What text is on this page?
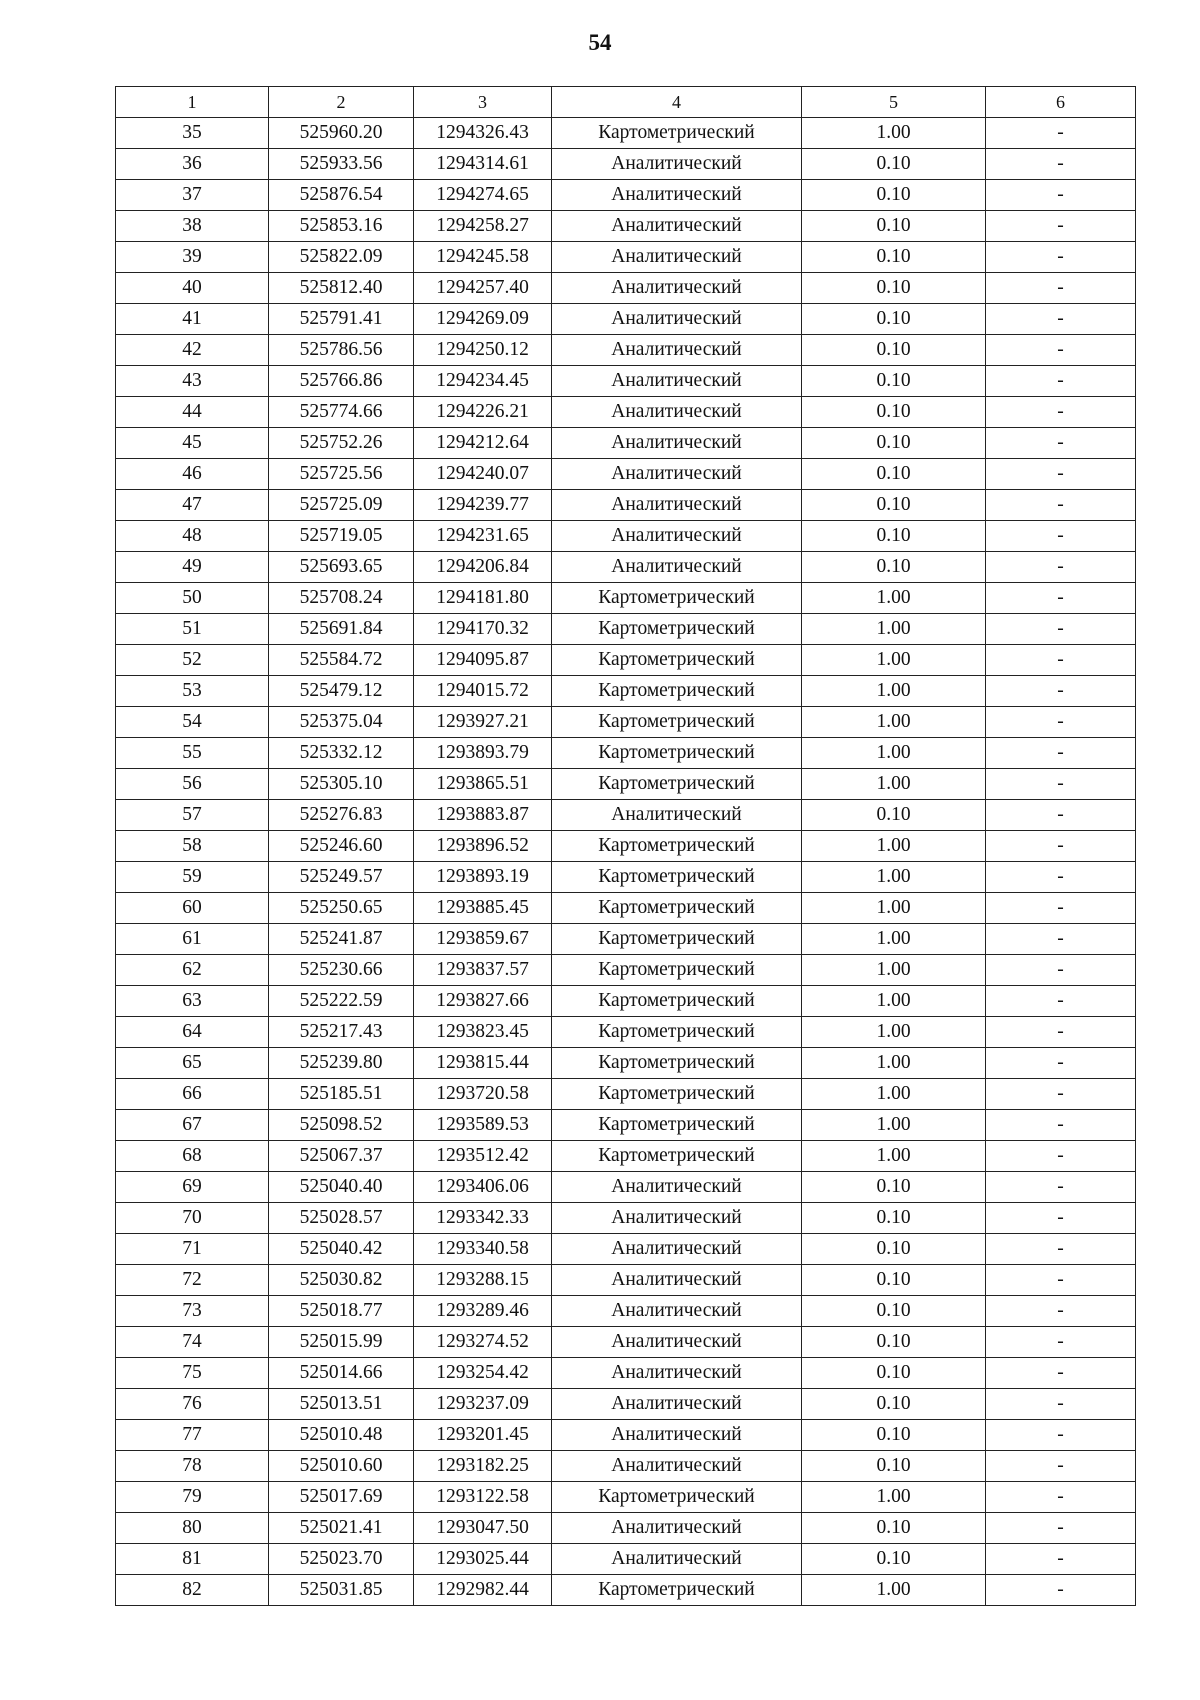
54
1	2	3	4	5	6
35	525960.20	1294326.43	Картометрический	1.00	-
36	525933.56	1294314.61	Аналитический	0.10	-
37	525876.54	1294274.65	Аналитический	0.10	-
38	525853.16	1294258.27	Аналитический	0.10	-
39	525822.09	1294245.58	Аналитический	0.10	-
40	525812.40	1294257.40	Аналитический	0.10	-
41	525791.41	1294269.09	Аналитический	0.10	-
42	525786.56	1294250.12	Аналитический	0.10	-
43	525766.86	1294234.45	Аналитический	0.10	-
44	525774.66	1294226.21	Аналитический	0.10	-
45	525752.26	1294212.64	Аналитический	0.10	-
46	525725.56	1294240.07	Аналитический	0.10	-
47	525725.09	1294239.77	Аналитический	0.10	-
48	525719.05	1294231.65	Аналитический	0.10	-
49	525693.65	1294206.84	Аналитический	0.10	-
50	525708.24	1294181.80	Картометрический	1.00	-
51	525691.84	1294170.32	Картометрический	1.00	-
52	525584.72	1294095.87	Картометрический	1.00	-
53	525479.12	1294015.72	Картометрический	1.00	-
54	525375.04	1293927.21	Картометрический	1.00	-
55	525332.12	1293893.79	Картометрический	1.00	-
56	525305.10	1293865.51	Картометрический	1.00	-
57	525276.83	1293883.87	Аналитический	0.10	-
58	525246.60	1293896.52	Картометрический	1.00	-
59	525249.57	1293893.19	Картометрический	1.00	-
60	525250.65	1293885.45	Картометрический	1.00	-
61	525241.87	1293859.67	Картометрический	1.00	-
62	525230.66	1293837.57	Картометрический	1.00	-
63	525222.59	1293827.66	Картометрический	1.00	-
64	525217.43	1293823.45	Картометрический	1.00	-
65	525239.80	1293815.44	Картометрический	1.00	-
66	525185.51	1293720.58	Картометрический	1.00	-
67	525098.52	1293589.53	Картометрический	1.00	-
68	525067.37	1293512.42	Картометрический	1.00	-
69	525040.40	1293406.06	Аналитический	0.10	-
70	525028.57	1293342.33	Аналитический	0.10	-
71	525040.42	1293340.58	Аналитический	0.10	-
72	525030.82	1293288.15	Аналитический	0.10	-
73	525018.77	1293289.46	Аналитический	0.10	-
74	525015.99	1293274.52	Аналитический	0.10	-
75	525014.66	1293254.42	Аналитический	0.10	-
76	525013.51	1293237.09	Аналитический	0.10	-
77	525010.48	1293201.45	Аналитический	0.10	-
78	525010.60	1293182.25	Аналитический	0.10	-
79	525017.69	1293122.58	Картометрический	1.00	-
80	525021.41	1293047.50	Аналитический	0.10	-
81	525023.70	1293025.44	Аналитический	0.10	-
82	525031.85	1292982.44	Картометрический	1.00	-
